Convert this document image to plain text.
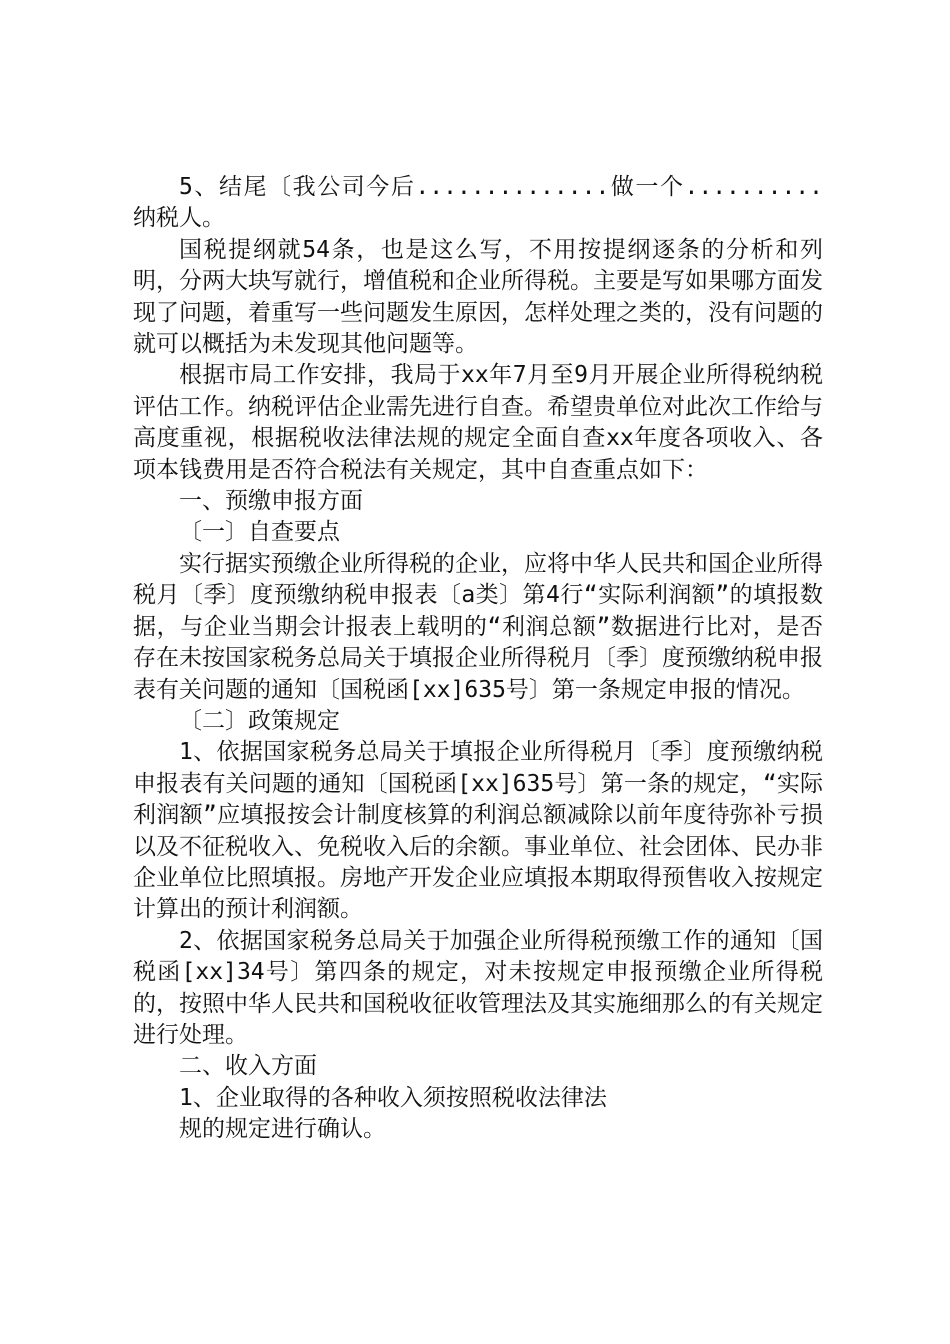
5、结尾〔我公司今后..............做一个..........纳税人。

国税提纲就54条，也是这么写，不用按提纲逐条的分析和列明，分两大块写就行，增值税和企业所得税。主要是写如果哪方面发现了问题，着重写一些问题发生原因，怎样处理之类的，没有问题的就可以概括为未发现其他问题等。

根据市局工作安排，我局于xx年7月至9月开展企业所得税纳税评估工作。纳税评估企业需先进行自查。希望贵单位对此次工作给与高度重视，根据税收法律法规的规定全面自查xx年度各项收入、各项本钱费用是否符合税法有关规定，其中自查重点如下：

一、预缴申报方面

〔一〕自查要点

实行据实预缴企业所得税的企业，应将中华人民共和国企业所得税月〔季〕度预缴纳税申报表〔a类〕第4行“实际利润额”的填报数据，与企业当期会计报表上载明的“利润总额”数据进行比对，是否存在未按国家税务总局关于填报企业所得税月〔季〕度预缴纳税申报表有关问题的通知〔国税函[xx]635号〕第一条规定申报的情况。

〔二〕政策规定

1、依据国家税务总局关于填报企业所得税月〔季〕度预缴纳税申报表有关问题的通知〔国税函[xx]635号〕第一条的规定，“实际利润额”应填报按会计制度核算的利润总额减除以前年度待弥补亏损以及不征税收入、免税收入后的余额。事业单位、社会团体、民办非企业单位比照填报。房地产开发企业应填报本期取得预售收入按规定计算出的预计利润额。

2、依据国家税务总局关于加强企业所得税预缴工作的通知〔国税函[xx]34号〕第四条的规定，对未按规定申报预缴企业所得税的，按照中华人民共和国税收征收管理法及其实施细那么的有关规定进行处理。

二、收入方面

1、企业取得的各种收入须按照税收法律法

规的规定进行确认。
